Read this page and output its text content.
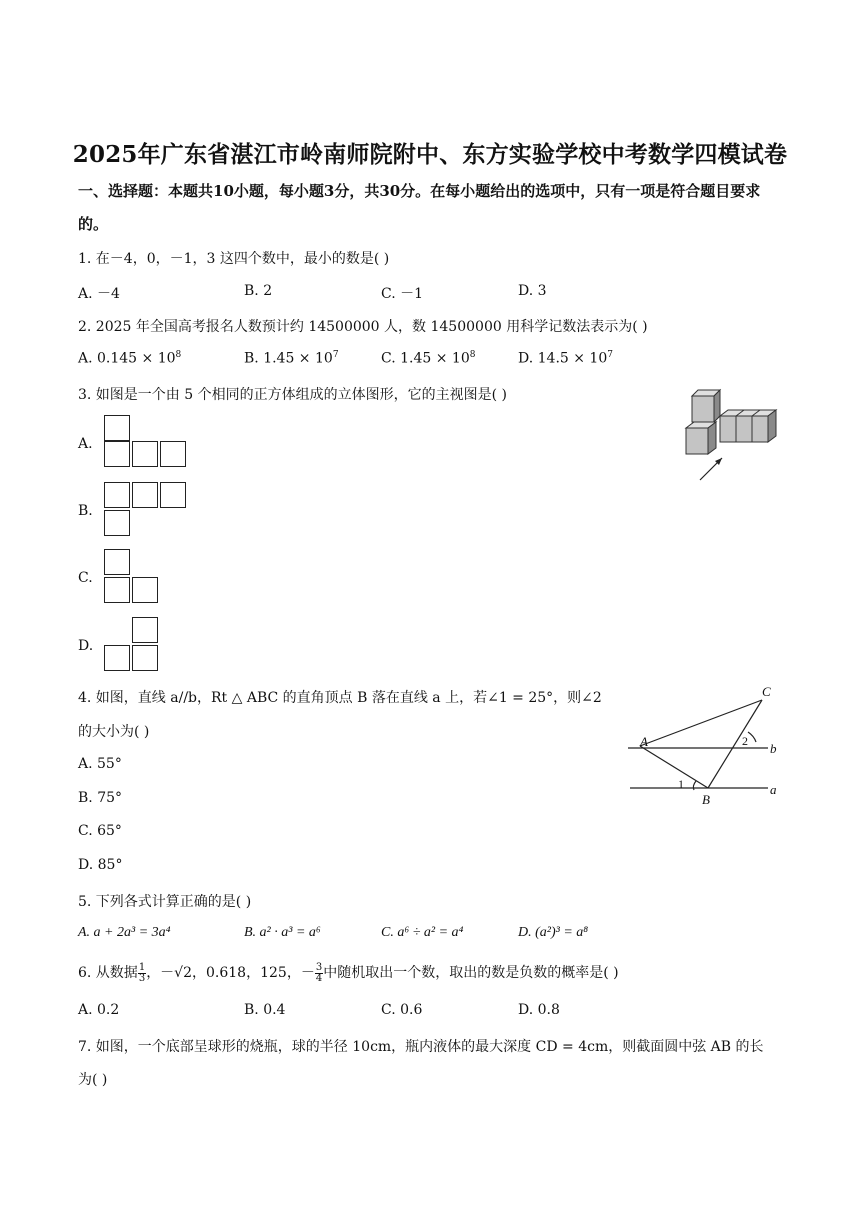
2025年广东省湛江市岭南师院附中、东方实验学校中考数学四模试卷
一、选择题：本题共10小题，每小题3分，共30分。在每小题给出的选项中，只有一项是符合题目要求
的。
1. 在－4，0，－1，3 这四个数中，最小的数是( )
A. －4	B. 2	C. －1	D. 3
2. 2025 年全国高考报名人数预计约 14500000 人，数 14500000 用科学记数法表示为( )
A. $0.145 \times 10^8$	B. $1.45 \times 10^7$	C. $1.45 \times 10^8$	D. $14.5 \times 10^7$
3. 如图是一个由 5 个相同的正方体组成的立体图形，它的主视图是( )
A.
B.
C.
D.
4. 如图，直线 a//b，Rt △ ABC 的直角顶点 B 落在直线 a 上，若∠1 = 25°，则∠2
的大小为( )
A. 55°
B. 75°
C. 65°
D. 85°
A
B
C
a
b
1
2
5. 下列各式计算正确的是( )
A. a + 2a³ = 3a⁴	B. a² · a³ = a⁶	C. a⁶ ÷ a² = a⁴	D. (a²)³ = a⁸
6. 从数据 $\frac{1}{3}$ ，－√2，0.618，125，－ $\frac{3}{4}$ 中随机取出一个数，取出的数是负数的概率是( )
A. 0.2	B. 0.4	C. 0.6	D. 0.8
7. 如图，一个底部呈球形的烧瓶，球的半径 10cm，瓶内液体的最大深度 CD = 4cm，则截面圆中弦 AB 的长
为( )
